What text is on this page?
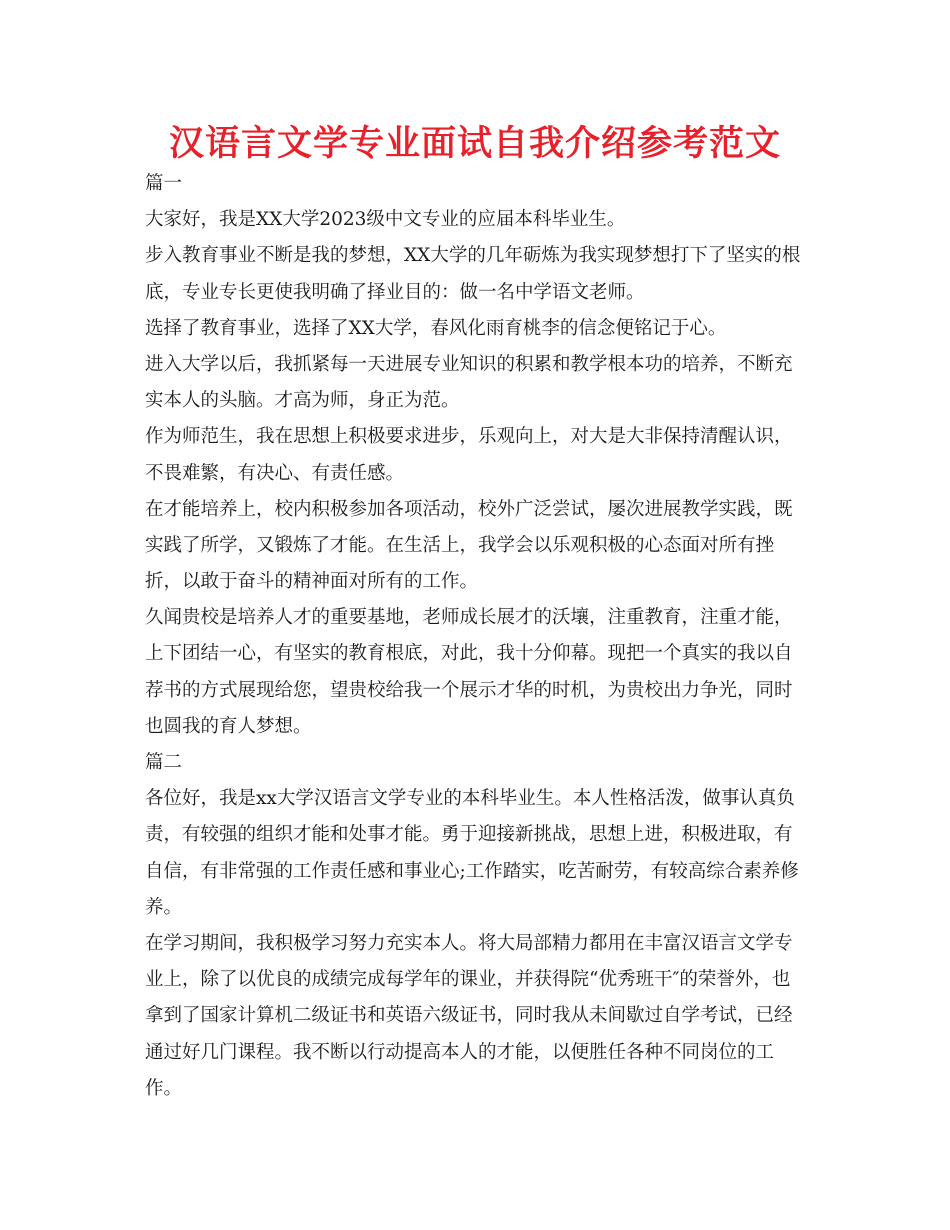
汉语言文学专业面试自我介绍参考范文
篇一
大家好，我是XX大学2023级中文专业的应届本科毕业生。
步入教育事业不断是我的梦想，XX大学的几年砺炼为我实现梦想打下了坚实的根
底，专业专长更使我明确了择业目的：做一名中学语文老师。
选择了教育事业，选择了XX大学，春风化雨育桃李的信念便铭记于心。
进入大学以后，我抓紧每一天进展专业知识的积累和教学根本功的培养，不断充
实本人的头脑。才高为师，身正为范。
作为师范生，我在思想上积极要求进步，乐观向上，对大是大非保持清醒认识，
不畏难繁，有决心、有责任感。
在才能培养上，校内积极参加各项活动，校外广泛尝试，屡次进展教学实践，既
实践了所学，又锻炼了才能。在生活上，我学会以乐观积极的心态面对所有挫
折，以敢于奋斗的精神面对所有的工作。
久闻贵校是培养人才的重要基地，老师成长展才的沃壤，注重教育，注重才能，
上下团结一心，有坚实的教育根底，对此，我十分仰幕。现把一个真实的我以自
荐书的方式展现给您，望贵校给我一个展示才华的时机，为贵校出力争光，同时
也圆我的育人梦想。
篇二
各位好，我是xx大学汉语言文学专业的本科毕业生。本人性格活泼，做事认真负
责，有较强的组织才能和处事才能。勇于迎接新挑战，思想上进，积极进取，有
自信，有非常强的工作责任感和事业心;工作踏实，吃苦耐劳，有较高综合素养修
养。
在学习期间，我积极学习努力充实本人。将大局部精力都用在丰富汉语言文学专
业上，除了以优良的成绩完成每学年的课业，并获得院“优秀班干″的荣誉外，也
拿到了国家计算机二级证书和英语六级证书，同时我从未间歇过自学考试，已经
通过好几门课程。我不断以行动提高本人的才能，以便胜任各种不同岗位的工
作。
